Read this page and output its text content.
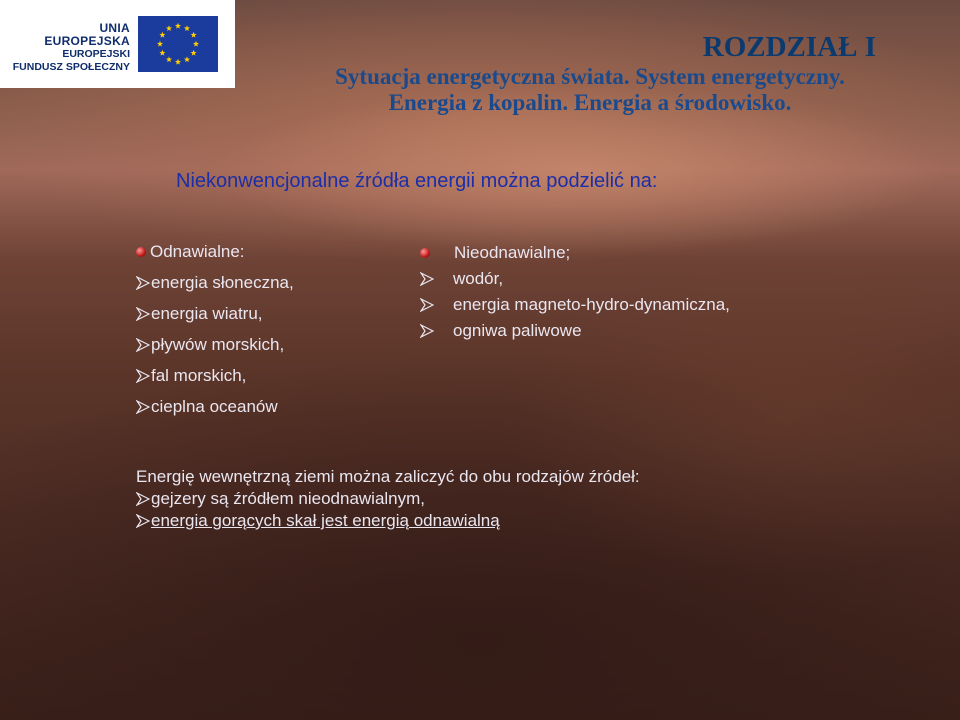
UNIA EUROPEJSKA
EUROPEJSKI
FUNDUSZ SPOŁECZNY

ROZDZIAŁ I

Sytuacja energetyczna świata. System energetyczny.

Energia z kopalin. Energia a środowisko.

Niekonwencjonalne źródła energii można podzielić na:
Odnawialne:
energia słoneczna,
energia wiatru,
pływów morskich,
fal morskich,
cieplna oceanów
Nieodnawialne;
wodór,
energia magneto-hydro-dynamiczna,
ogniwa paliwowe
Energię wewnętrzną ziemi można zaliczyć do obu rodzajów źródeł:
gejzery są źródłem nieodnawialnym,
energia gorących skał jest energią odnawialną
